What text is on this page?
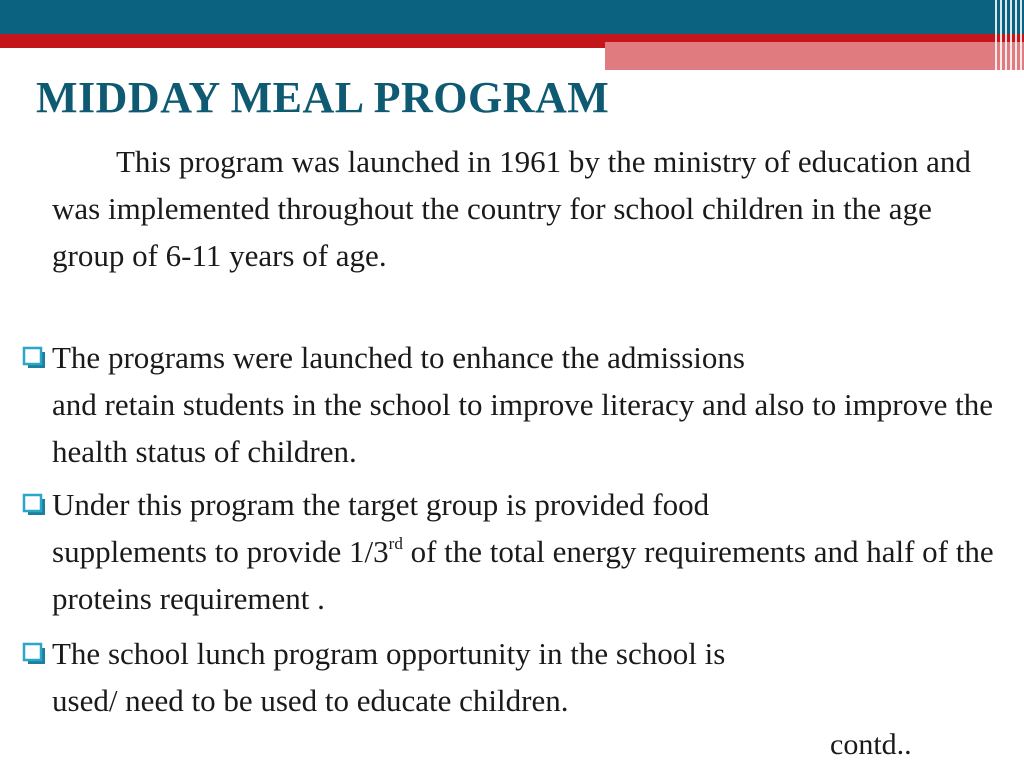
MIDDAY MEAL PROGRAM

This program was launched in 1961 by the ministry of education and was implemented throughout the country for school children in the age group of 6-11 years of age.

The programs were launched to enhance the admissions
and retain students in the school to improve literacy and also to improve the health status of children.
Under this program the target group is provided food
supplements to provide 1/3rd of the total energy requirements and half of the proteins requirement .
The school lunch program opportunity in the school is
used/ need to be used to educate children.
contd..
